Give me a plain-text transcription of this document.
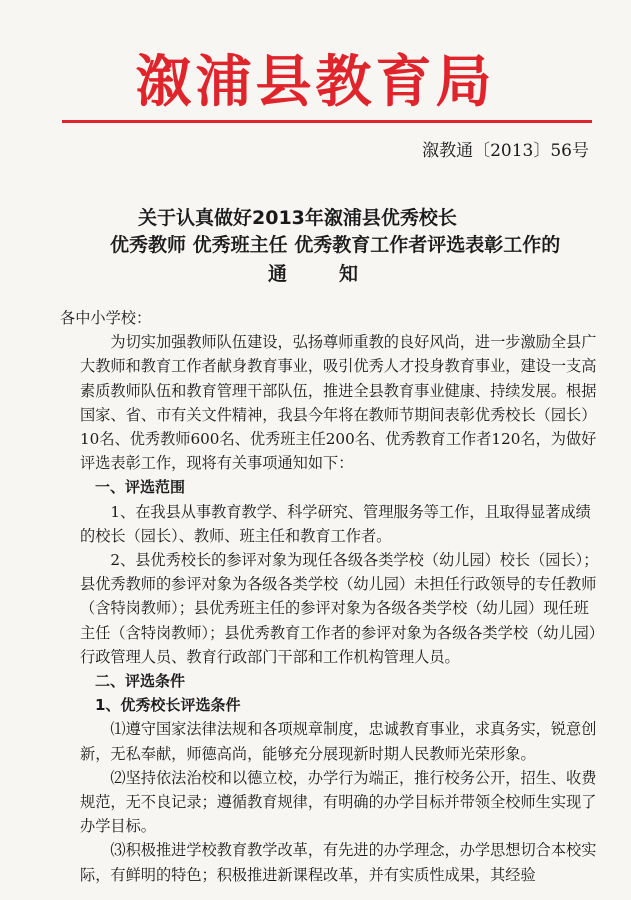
溆浦县教育局
溆教通〔2013〕56号
关于认真做好2013年溆浦县优秀校长
优秀教师 优秀班主任 优秀教育工作者评选表彰工作的
通	知

各中小学校：

为切实加强教师队伍建设，弘扬尊师重教的良好风尚，进一步激励全县广大教师和教育工作者献身教育事业，吸引优秀人才投身教育事业，建设一支高素质教师队伍和教育管理干部队伍，推进全县教育事业健康、持续发展。根据国家、省、市有关文件精神，我县今年将在教师节期间表彰优秀校长（园长）10名、优秀教师600名、优秀班主任200名、优秀教育工作者120名，为做好评选表彰工作，现将有关事项通知如下：

一、评选范围

1、在我县从事教育教学、科学研究、管理服务等工作，且取得显著成绩的校长（园长）、教师、班主任和教育工作者。

2、县优秀校长的参评对象为现任各级各类学校（幼儿园）校长（园长）；县优秀教师的参评对象为各级各类学校（幼儿园）未担任行政领导的专任教师（含特岗教师）；县优秀班主任的参评对象为各级各类学校（幼儿园）现任班主任（含特岗教师）；县优秀教育工作者的参评对象为各级各类学校（幼儿园）行政管理人员、教育行政部门干部和工作机构管理人员。

二、评选条件

1、优秀校长评选条件

⑴遵守国家法律法规和各项规章制度，忠诚教育事业，求真务实，锐意创新，无私奉献，师德高尚，能够充分展现新时期人民教师光荣形象。

⑵坚持依法治校和以德立校，办学行为端正，推行校务公开，招生、收费规范，无不良记录；遵循教育规律，有明确的办学目标并带领全校师生实现了办学目标。

⑶积极推进学校教育教学改革，有先进的办学理念，办学思想切合本校实际，有鲜明的特色；积极推进新课程改革，并有实质性成果，其经验
